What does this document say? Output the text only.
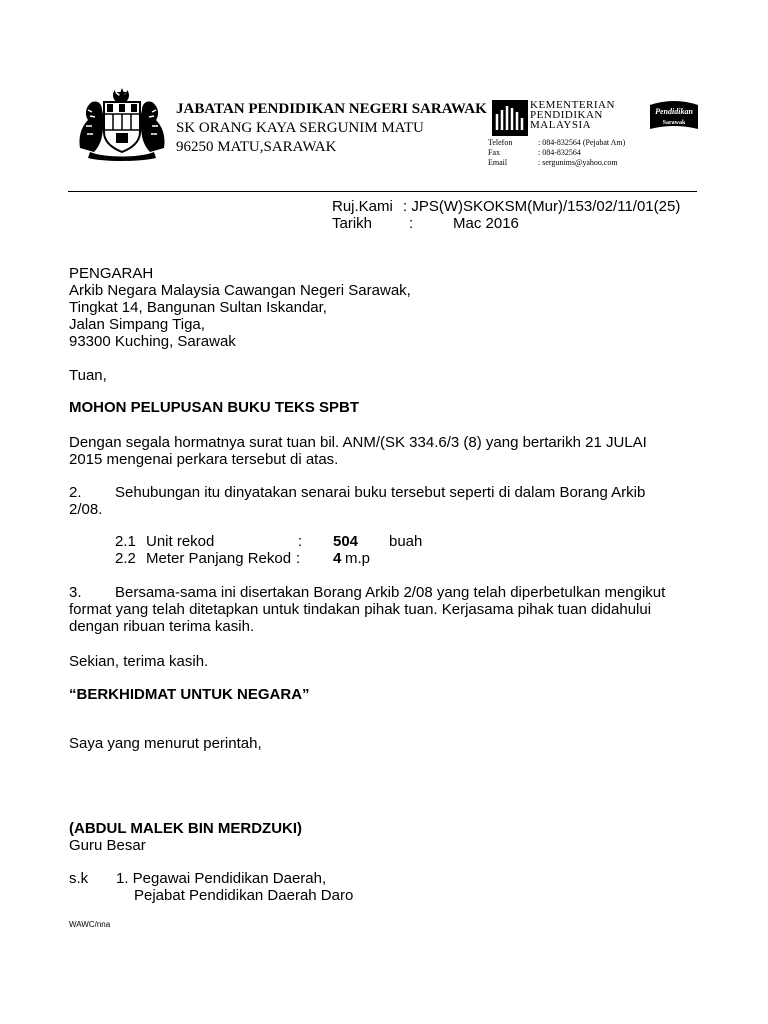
JABATAN PENDIDIKAN NEGERI SARAWAK
SK ORANG KAYA SERGUNIM MATU
96250 MATU,SARAWAK
KEMENTERIAN
PENDIDIKAN
MALAYSIA
Pendidikan
Sarawak
Telefon	: 084-832564 (Pejabat Am)
Fax	: 084-832564
Email	: sergunims@yahoo.com
Ruj.Kami : JPS(W)SKOKSM(Mur)/153/02/11/01(25)
Tarikh :	Mac 2016
PENGARAH
Arkib Negara Malaysia Cawangan Negeri Sarawak,
Tingkat 14, Bangunan Sultan Iskandar,
Jalan Simpang Tiga,
93300 Kuching, Sarawak
Tuan,
MOHON PELUPUSAN BUKU TEKS SPBT
Dengan segala hormatnya surat tuan bil. ANM/(SK 334.6/3 (8) yang bertarikh 21 JULAI
2015 mengenai perkara tersebut di atas.
2. Sehubungan itu dinyatakan senarai buku tersebut seperti di dalam Borang Arkib
2/08.
2.1 Unit rekod	: 504 buah
2.2 Meter Panjang Rekod : 4 m.p
3. Bersama-sama ini disertakan Borang Arkib 2/08 yang telah diperbetulkan mengikut
format yang telah ditetapkan untuk tindakan pihak tuan. Kerjasama pihak tuan didahului
dengan ribuan terima kasih.
Sekian, terima kasih.
“BERKHIDMAT UNTUK NEGARA”
Saya yang menurut perintah,
(ABDUL MALEK BIN MERDZUKI)
Guru Besar
s.k 1. Pegawai Pendidikan Daerah,
Pejabat Pendidikan Daerah Daro
WAWC/nna
